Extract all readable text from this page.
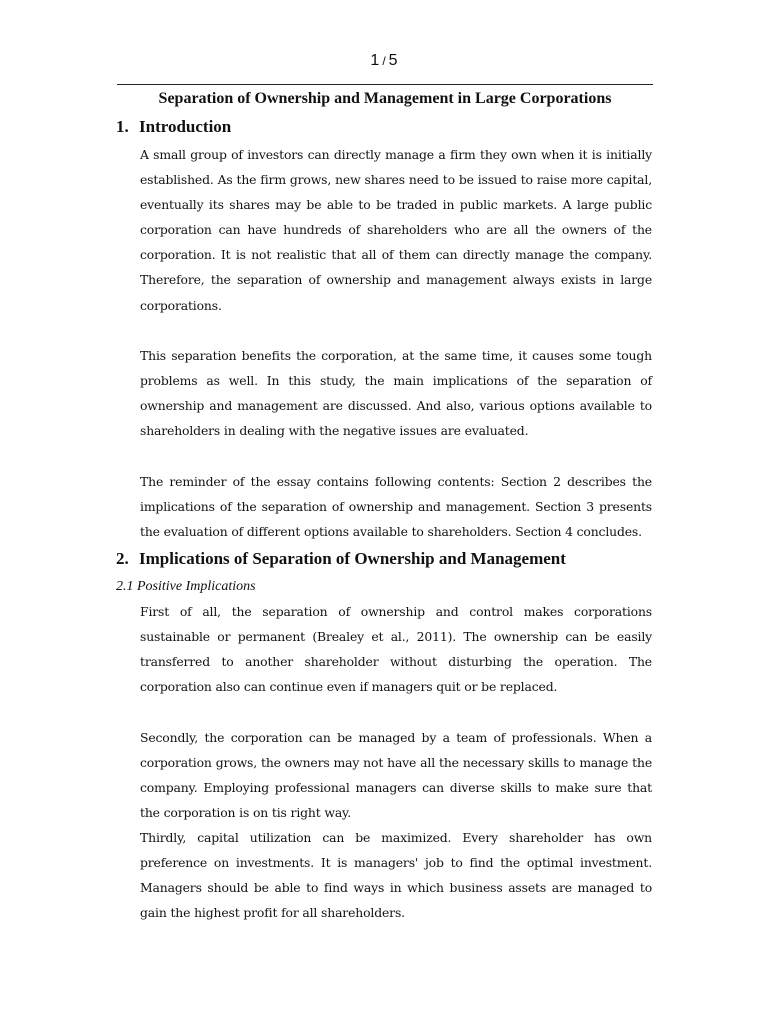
1 / 5
Separation of Ownership and Management in Large Corporations
1. Introduction

A small group of investors can directly manage a firm they own when it is initially established. As the firm grows, new shares need to be issued to raise more capital, eventually its shares may be able to be traded in public markets. A large public corporation can have hundreds of shareholders who are all the owners of the corporation. It is not realistic that all of them can directly manage the company. Therefore, the separation of ownership and management always exists in large corporations.

This separation benefits the corporation, at the same time, it causes some tough problems as well. In this study, the main implications of the separation of ownership and management are discussed. And also, various options available to shareholders in dealing with the negative issues are evaluated.

The reminder of the essay contains following contents: Section 2 describes the implications of the separation of ownership and management. Section 3 presents the evaluation of different options available to shareholders. Section 4 concludes.

2. Implications of Separation of Ownership and Management
2.1 Positive Implications

First of all, the separation of ownership and control makes corporations sustainable or permanent (Brealey et al., 2011). The ownership can be easily transferred to another shareholder without disturbing the operation. The corporation also can continue even if managers quit or be replaced.

Secondly, the corporation can be managed by a team of professionals. When a corporation grows, the owners may not have all the necessary skills to manage the company. Employing professional managers can diverse skills to make sure that the corporation is on tis right way.

Thirdly, capital utilization can be maximized. Every shareholder has own preference on investments. It is managers' job to find the optimal investment. Managers should be able to find ways in which business assets are managed to gain the highest profit for all shareholders.
